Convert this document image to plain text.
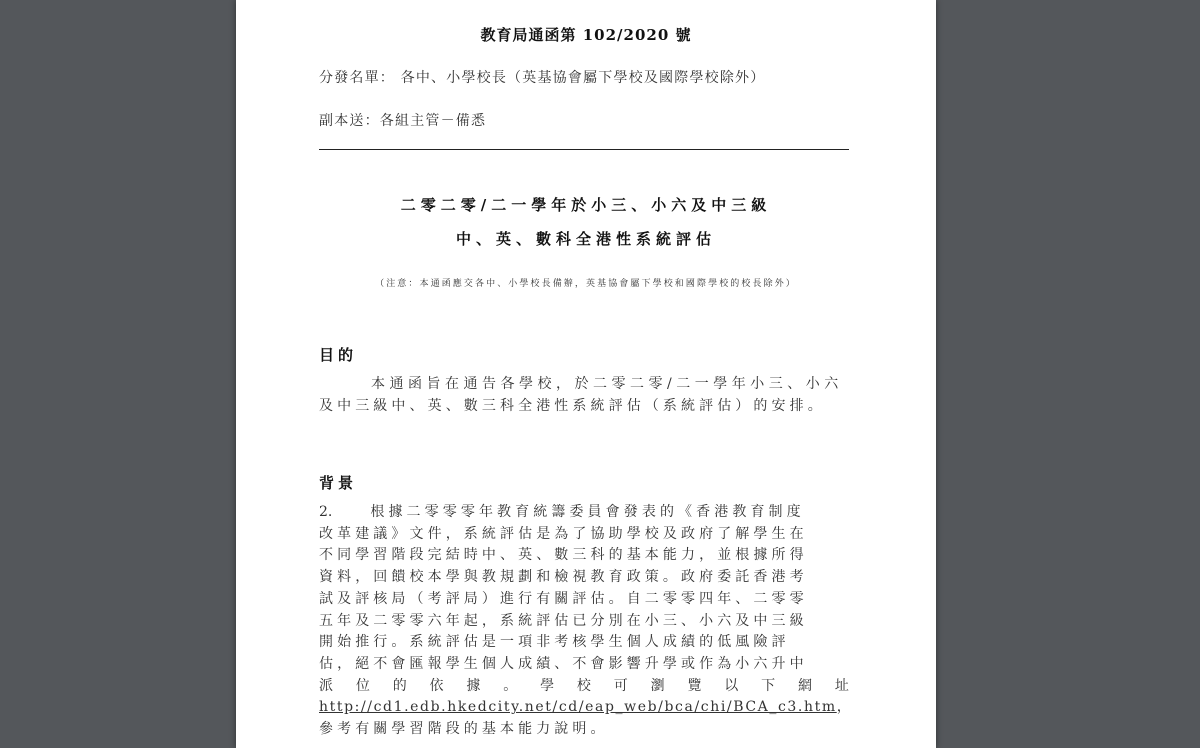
教育局通函第 102/2020 號
分發名單： 各中、小學校長（英基協會屬下學校及國際學校除外）
副本送：各組主管－備悉
二零二零/二一學年於小三、小六及中三級
中、英、數科全港性系統評估
（注意：本通函應交各中、小學校長備辦，英基協會屬下學校和國際學校的校長除外）
目的
本通函旨在通告各學校，於二零二零/二一學年小三、小六
及中三級中、英、數三科全港性系統評估（系統評估）的安排。
背景
2.	根據二零零零年教育統籌委員會發表的《香港教育制度
改革建議》文件，系統評估是為了協助學校及政府了解學生在
不同學習階段完結時中、英、數三科的基本能力，並根據所得
資料，回饋校本學與教規劃和檢視教育政策。政府委託香港考
試及評核局（考評局）進行有關評估。自二零零四年、二零零
五年及二零零六年起，系統評估已分別在小三、小六及中三級
開始推行。系統評估是一項非考核學生個人成績的低風險評
估，絕不會匯報學生個人成績、不會影響升學或作為小六升中
派 位 的 依 據 。 學 校 可 瀏 覽 以 下 網 址
http://cd1.edb.hkedcity.net/cd/eap_web/bca/chi/BCA_c3.htm，
參考有關學習階段的基本能力說明。
